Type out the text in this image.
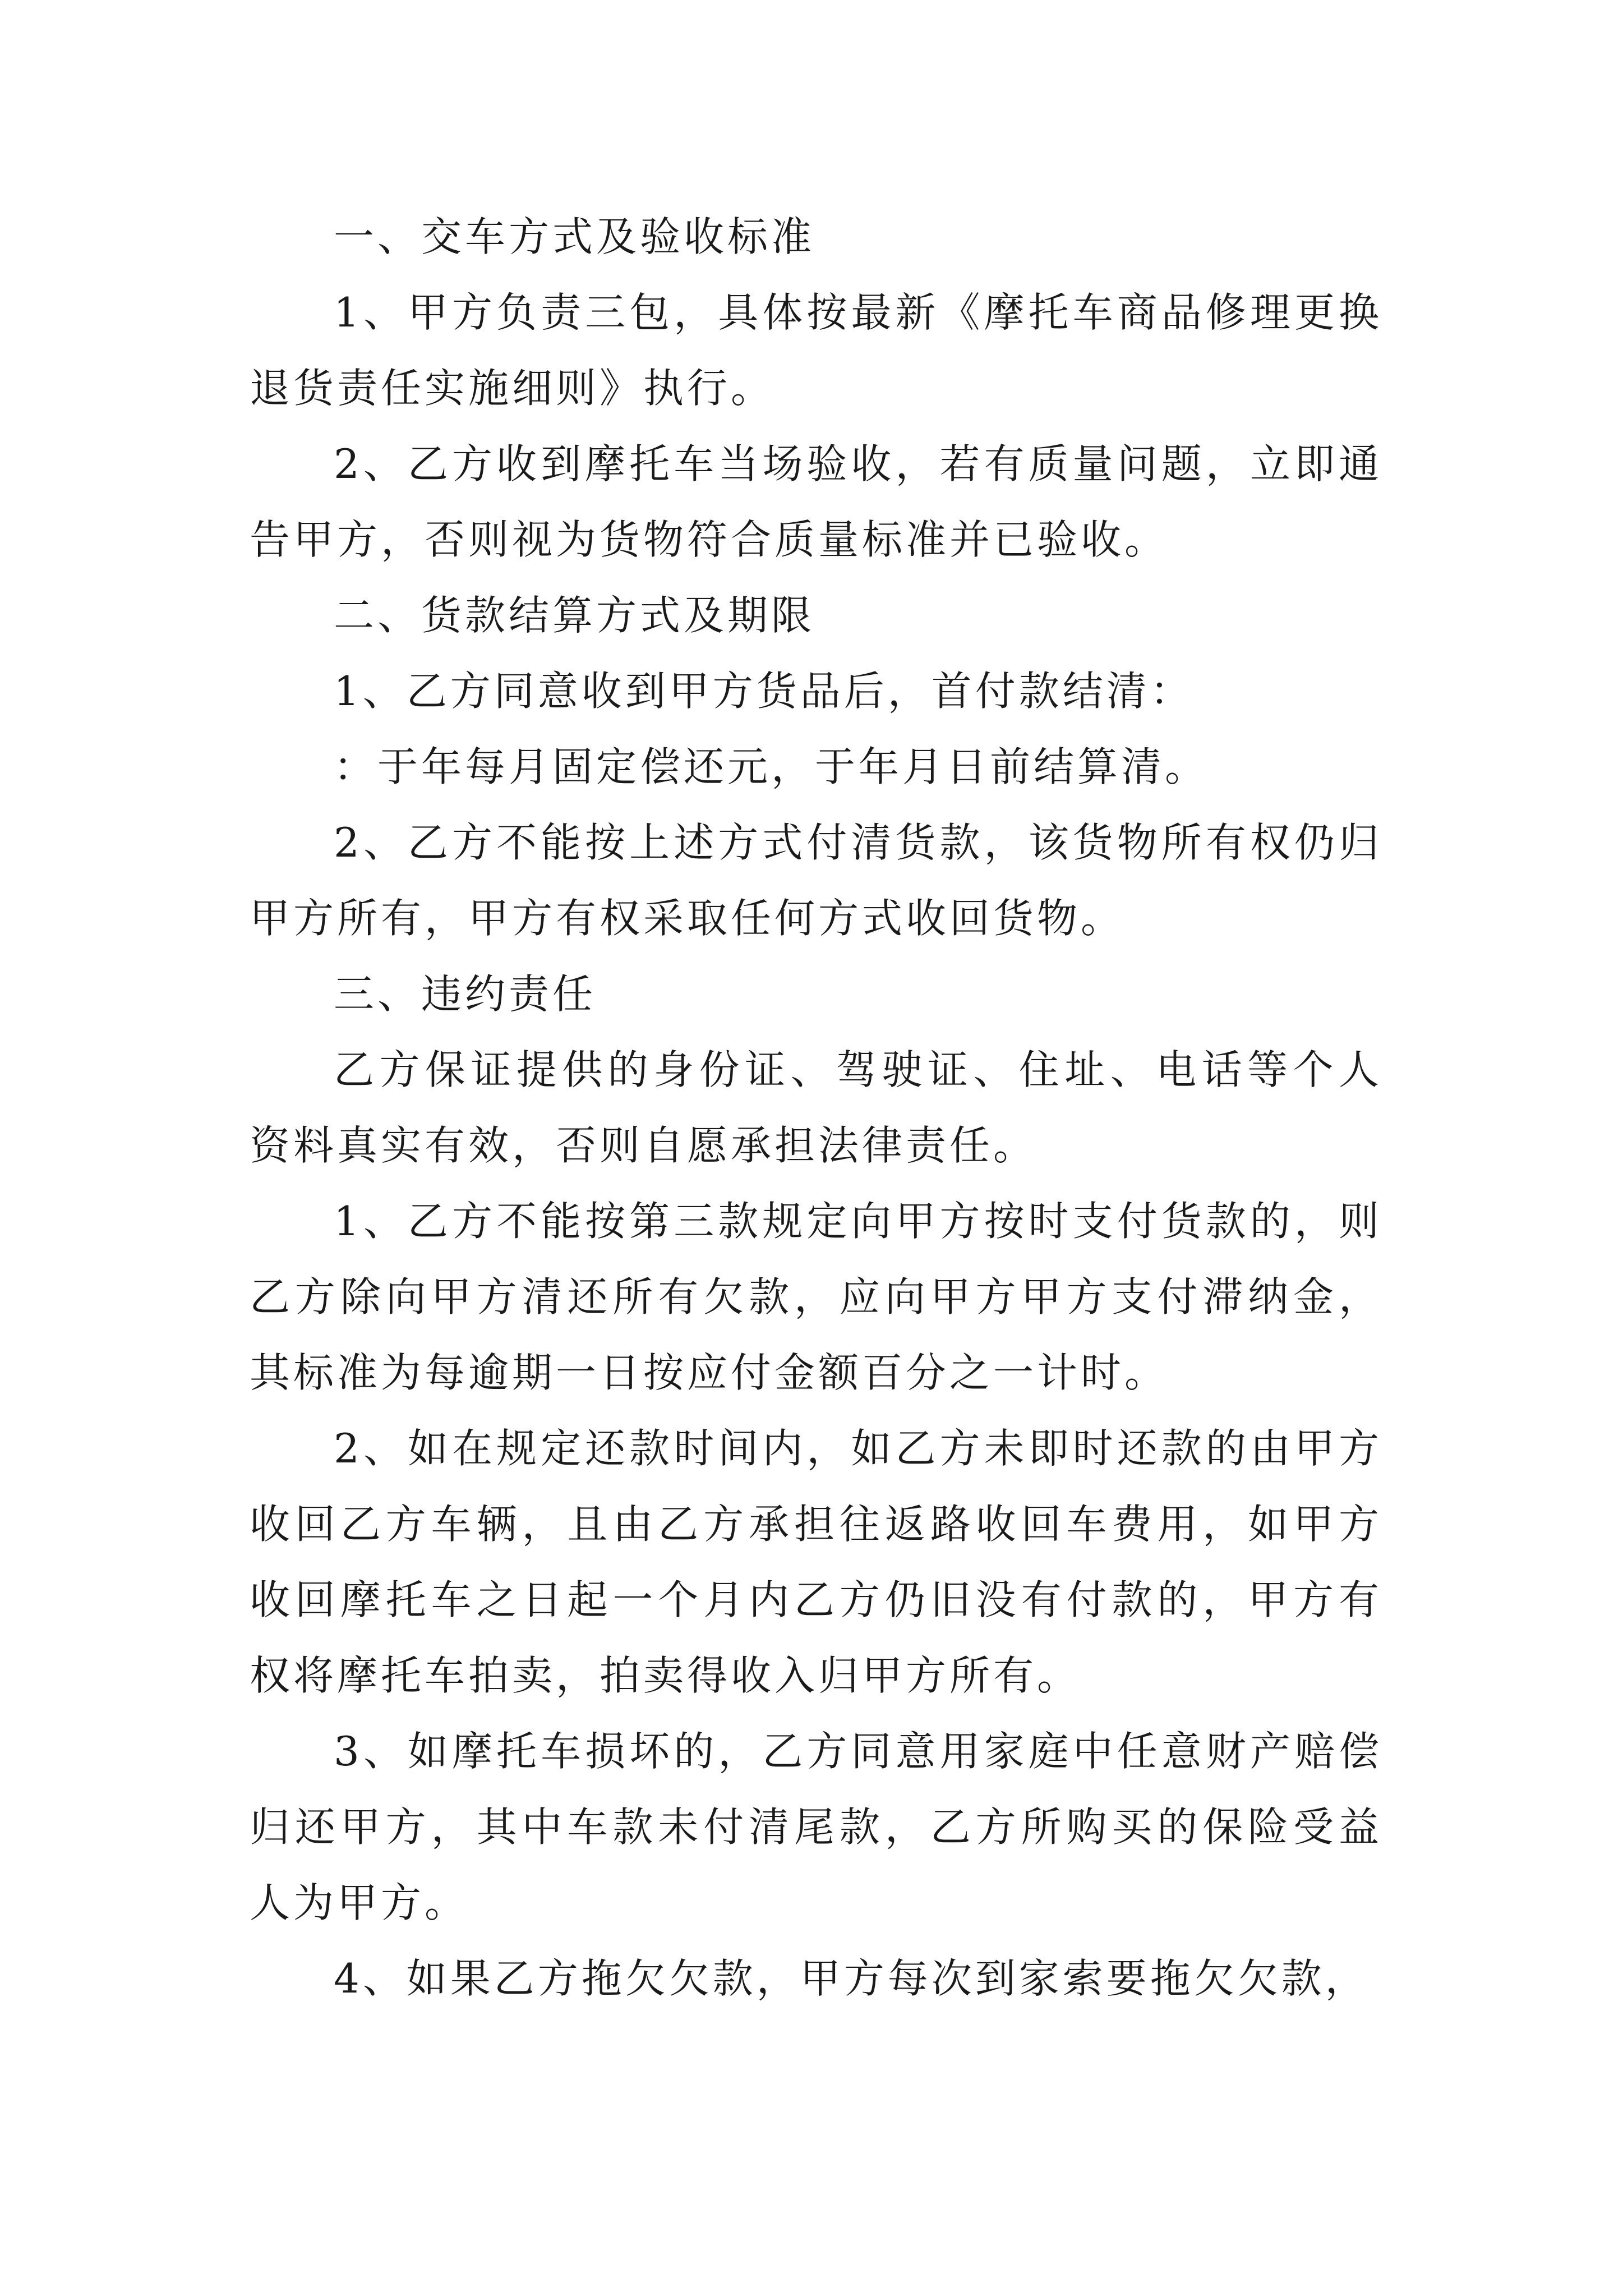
一、交车方式及验收标准

1、甲方负责三包，具体按最新《摩托车商品修理更换退货责任实施细则》执行。

2、乙方收到摩托车当场验收，若有质量问题，立即通告甲方，否则视为货物符合质量标准并已验收。

二、货款结算方式及期限

1、乙方同意收到甲方货品后，首付款结清：

：于年每月固定偿还元，于年月日前结算清。

2、乙方不能按上述方式付清货款，该货物所有权仍归甲方所有，甲方有权采取任何方式收回货物。

三、违约责任

乙方保证提供的身份证、驾驶证、住址、电话等个人资料真实有效，否则自愿承担法律责任。

1、乙方不能按第三款规定向甲方按时支付货款的，则乙方除向甲方清还所有欠款，应向甲方甲方支付滞纳金，其标准为每逾期一日按应付金额百分之一计时。

2、如在规定还款时间内，如乙方未即时还款的由甲方收回乙方车辆，且由乙方承担往返路收回车费用，如甲方收回摩托车之日起一个月内乙方仍旧没有付款的，甲方有权将摩托车拍卖，拍卖得收入归甲方所有。

3、如摩托车损坏的，乙方同意用家庭中任意财产赔偿归还甲方，其中车款未付清尾款，乙方所购买的保险受益人为甲方。

4、如果乙方拖欠欠款，甲方每次到家索要拖欠欠款，
